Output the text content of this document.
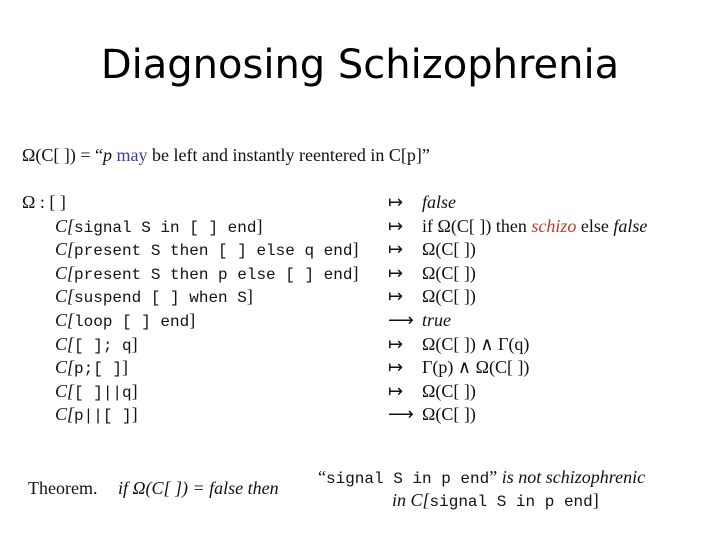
Diagnosing Schizophrenia
Ω(C[ ]) = “p may be left and instantly reentered in C[p]”
Ω : [ ]	↦ false
C[signal S in [ ] end]	↦ if Ω(C[ ]) then schizo else false
C[present S then [ ] else q end] ↦ Ω(C[ ])
C[present S then p else [ ] end] ↦ Ω(C[ ])
C[suspend [ ] when S]	↦ Ω(C[ ])
C[loop [ ] end]	⟶ true
C[[ ]; q]	↦ Ω(C[ ]) ∧ Γ(q)
C[p;[ ]]	↦ Γ(p) ∧ Ω(C[ ])
C[[ ]||q]	↦ Ω(C[ ])
C[p||[ ]]	⟶ Ω(C[ ])
Theorem. if Ω(C[ ]) = false then
“signal S in p end” is not schizophrenic
in C[signal S in p end]
